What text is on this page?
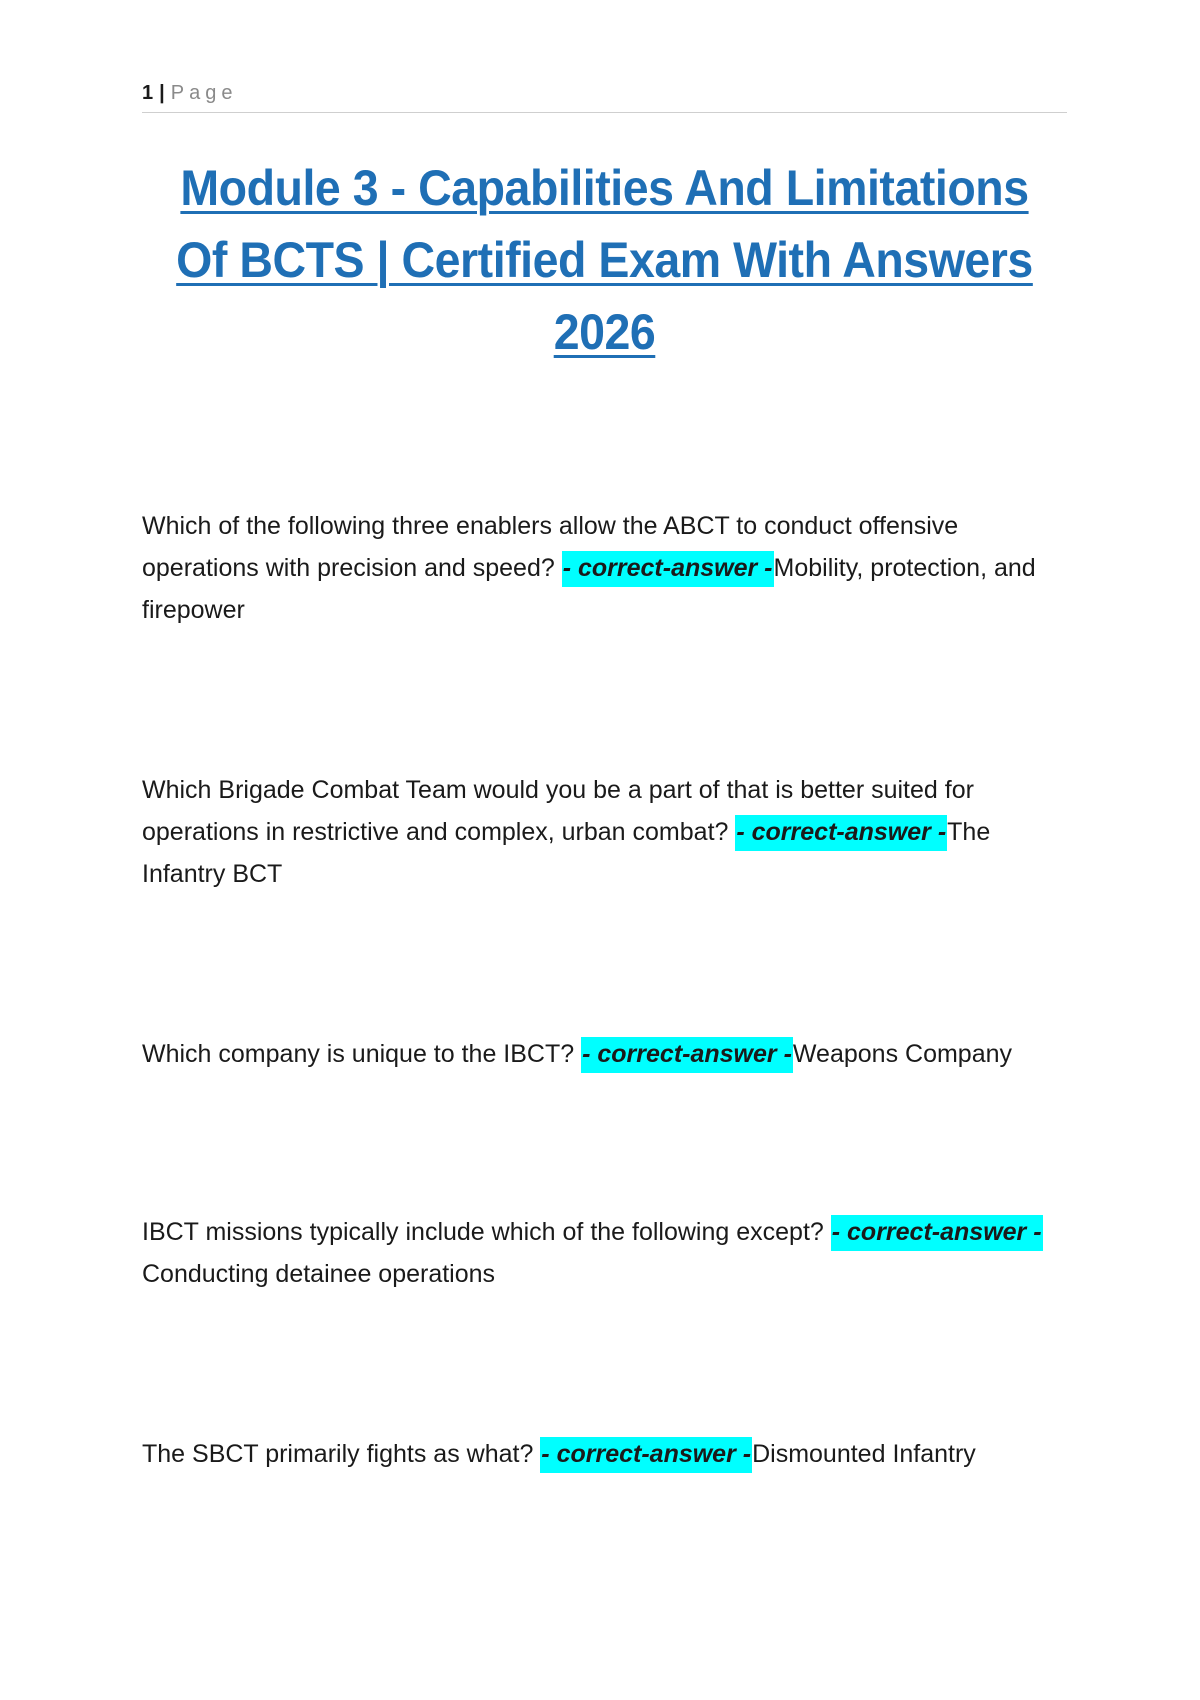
1 | Page
Module 3 - Capabilities And Limitations Of BCTS | Certified Exam With Answers 2026

Which of the following three enablers allow the ABCT to conduct offensive operations with precision and speed? - correct-answer -Mobility, protection, and firepower

Which Brigade Combat Team would you be a part of that is better suited for operations in restrictive and complex, urban combat? - correct-answer -The Infantry BCT

Which company is unique to the IBCT? - correct-answer -Weapons Company

IBCT missions typically include which of the following except? - correct-answer -Conducting detainee operations

The SBCT primarily fights as what? - correct-answer -Dismounted Infantry
